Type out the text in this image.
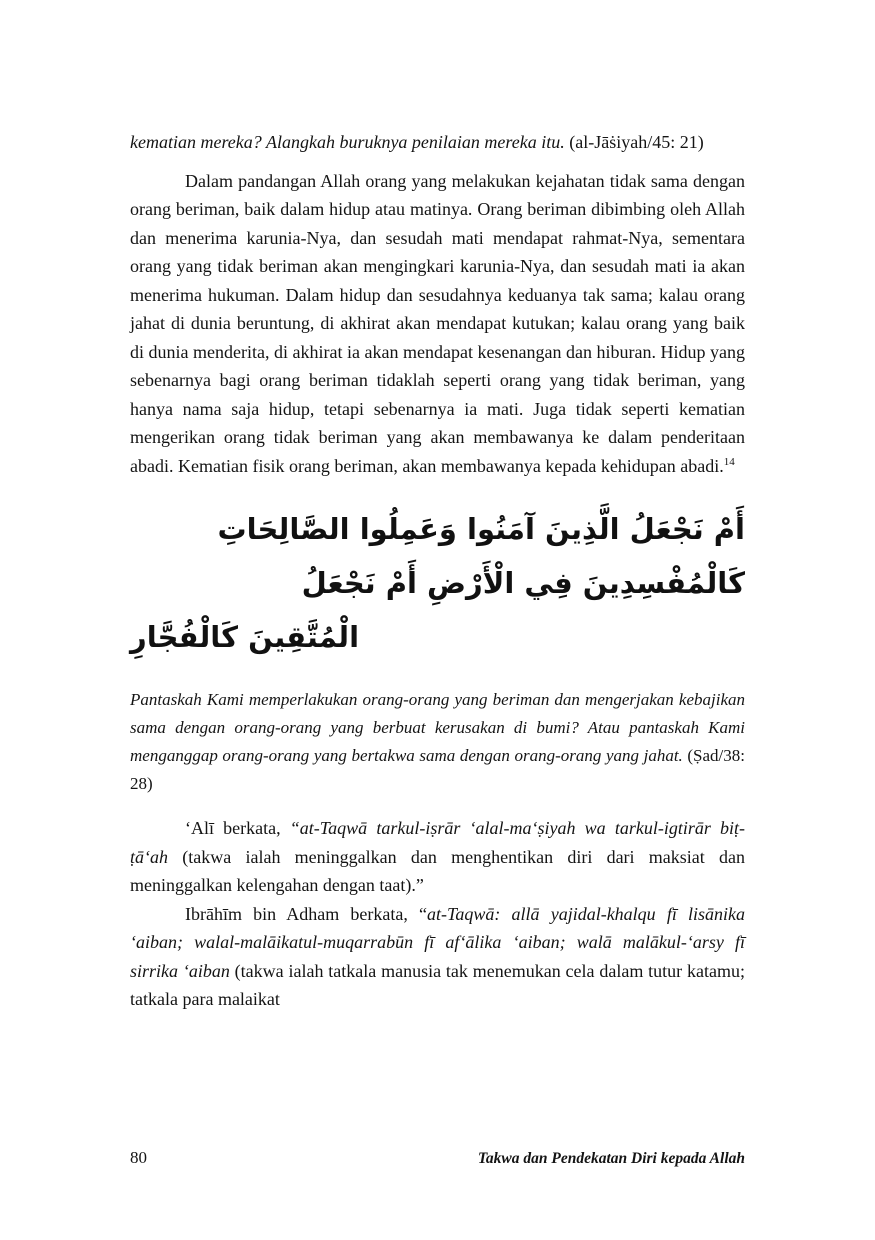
kematian mereka? Alangkah buruknya penilaian mereka itu. (al-Jāṡiyah/45: 21)

Dalam pandangan Allah orang yang melakukan kejahatan tidak sama dengan orang beriman, baik dalam hidup atau matinya. Orang beriman dibimbing oleh Allah dan menerima karunia-Nya, dan sesudah mati mendapat rahmat-Nya, sementara orang yang tidak beriman akan mengingkari karunia-Nya, dan sesudah mati ia akan menerima hukuman. Dalam hidup dan sesudahnya keduanya tak sama; kalau orang jahat di dunia beruntung, di akhirat akan mendapat kutukan; kalau orang yang baik di dunia menderita, di akhirat ia akan mendapat kesenangan dan hiburan. Hidup yang sebenarnya bagi orang beriman tidaklah seperti orang yang tidak beriman, yang hanya nama saja hidup, tetapi sebenarnya ia mati. Juga tidak seperti kematian mengerikan orang tidak beriman yang akan membawanya ke dalam penderitaan abadi. Kematian fisik orang beriman, akan membawanya kepada kehidupan abadi.$^{14}$

أَمْ نَجْعَلُ الَّذِينَ آمَنُوا وَعَمِلُوا الصَّالِحَاتِ كَالْمُفْسِدِينَ فِي الْأَرْضِ أَمْ نَجْعَلُ
الْمُتَّقِينَ كَالْفُجَّارِ

Pantaskah Kami memperlakukan orang-orang yang beriman dan mengerjakan kebajikan sama dengan orang-orang yang berbuat kerusakan di bumi? Atau pantaskah Kami menganggap orang-orang yang bertakwa sama dengan orang-orang yang jahat. (Ṣad/38: 28)

‘Alī berkata, “at-Taqwā tarkul-iṣrār ‘alal-ma‘ṣiyah wa tarkul-igtirār biṭ-ṭā‘ah (takwa ialah meninggalkan dan menghentikan diri dari maksiat dan meninggalkan kelengahan dengan taat).”

Ibrāhīm bin Adham berkata, “at-Taqwā: allā yajidal-khalqu fī lisānika ‘aiban; walal-malāikatul-muqarrabūn fī af‘ālika ‘aiban; walā malākul-‘arsy fī sirrika ‘aiban (takwa ialah tatkala manusia tak menemukan cela dalam tutur katamu; tatkala para malaikat

80	Takwa dan Pendekatan Diri kepada Allah
